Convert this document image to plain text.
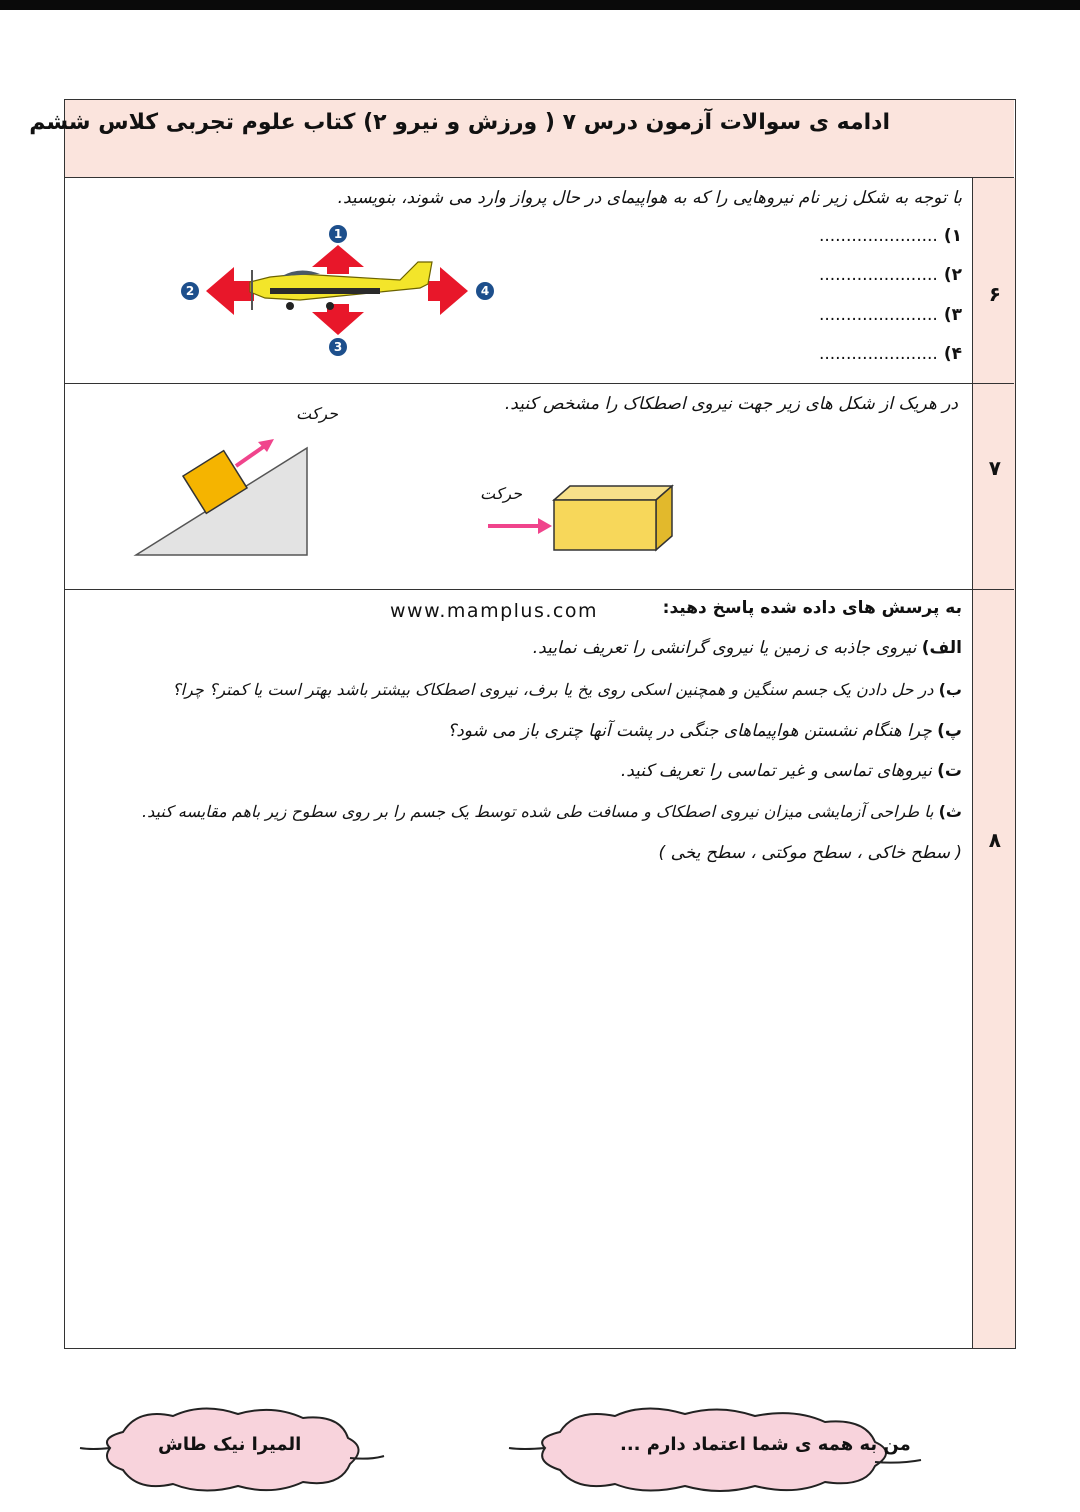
ادامه ی سوالات آزمون درس ۷ ( ورزش و نیرو ۲) کتاب علوم تجربی کلاس ششم
۶
۷
۸
با توجه به شکل زیر نام نیروهایی را که به هواپیمای در حال پرواز وارد می شوند، بنویسید.
۱)......................
۲)......................
۳)......................
۴)......................
1
2
3
4
در هریک از شکل های زیر جهت نیروی اصطکاک را مشخص کنید.
حرکت
حرکت
به پرسش های داده شده پاسخ دهید:
www.mamplus.com
الف) نیروی جاذبه ی زمین یا نیروی گرانشی را تعریف نمایید.
ب) در حل دادن یک جسم سنگین و همچنین اسکی روی یخ یا برف، نیروی اصطکاک بیشتر باشد بهتر است یا کمتر؟ چرا؟
پ) چرا هنگام نشستن هواپیماهای جنگی در پشت آنها چتری باز می شود؟
ت) نیروهای تماسی و غیر تماسی را تعریف کنید.
ث) با طراحی آزمایشی میزان نیروی اصطکاک و مسافت طی شده توسط یک جسم را بر روی سطوح زیر باهم مقایسه کنید.
( سطح خاکی ، سطح موکتی ، سطح یخی )
من به همه ی شما اعتماد دارم ...
المیرا نیک طاش
